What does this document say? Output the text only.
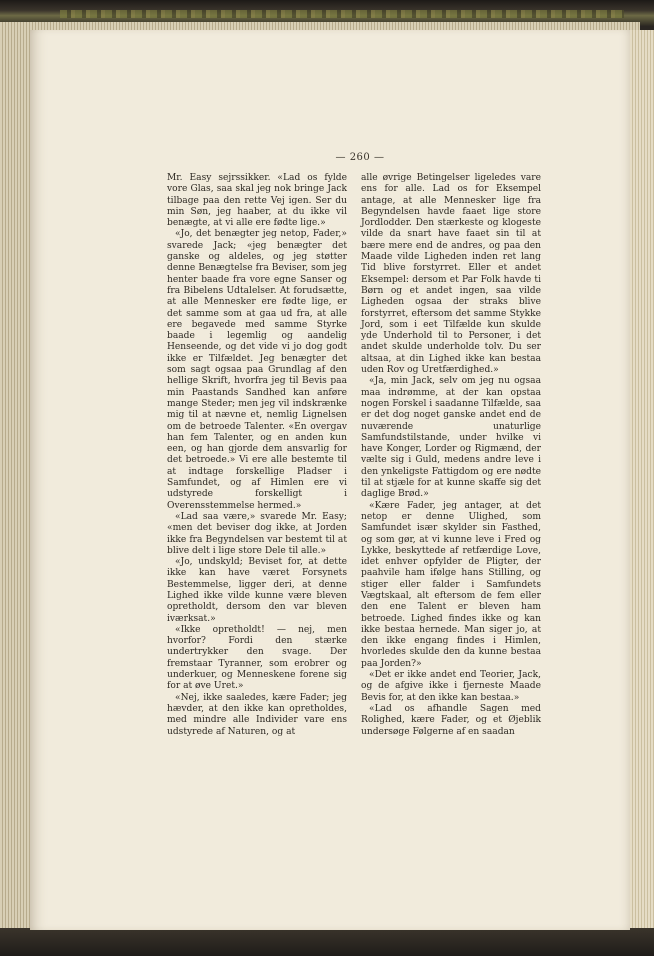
— 260 —

Mr. Easy sejrssikker. «Lad os fylde vore Glas, saa skal jeg nok bringe Jack tilbage paa den rette Vej igen. Ser du min Søn, jeg haaber, at du ikke vil benægte, at vi alle ere fødte lige.»

«Jo, det benægter jeg netop, Fader,» svarede Jack; «jeg benægter det ganske og aldeles, og jeg støtter denne Benægtelse fra Beviser, som jeg henter baade fra vore egne Sanser og fra Bibelens Udtalelser. At forudsætte, at alle Mennesker ere fødte lige, er det samme som at gaa ud fra, at alle ere begavede med samme Styrke baade i legemlig og aandelig Henseende, og det vide vi jo dog godt ikke er Tilfældet. Jeg benægter det som sagt ogsaa paa Grundlag af den hellige Skrift, hvorfra jeg til Bevis paa min Paastands Sandhed kan anføre mange Steder; men jeg vil indskrænke mig til at nævne et, nemlig Lignelsen om de betroede Talenter. «En overgav han fem Talenter, og en anden kun een, og han gjorde dem ansvarlig for det betroede.» Vi ere alle bestemte til at indtage forskellige Pladser i Samfundet, og af Himlen ere vi udstyrede forskelligt i Overensstemmelse hermed.»

«Lad saa være,» svarede Mr. Easy; «men det beviser dog ikke, at Jorden ikke fra Begyndelsen var bestemt til at blive delt i lige store Dele til alle.»

«Jo, undskyld; Beviset for, at dette ikke kan have været Forsynets Bestemmelse, ligger deri, at denne Lighed ikke vilde kunne være bleven opretholdt, dersom den var bleven iværksat.»

«Ikke opretholdt! — nej, men hvorfor? Fordi den stærke undertrykker den svage. Der fremstaar Tyranner, som erobrer og underkuer, og Menneskene forene sig for at øve Uret.»

«Nej, ikke saaledes, kære Fader; jeg hævder, at den ikke kan opretholdes, med mindre alle Individer vare ens udstyrede af Naturen, og at

alle øvrige Betingelser ligeledes vare ens for alle. Lad os for Eksempel antage, at alle Mennesker lige fra Begyndelsen havde faaet lige store Jordlodder. Den stærkeste og klogeste vilde da snart have faaet sin til at bære mere end de andres, og paa den Maade vilde Ligheden inden ret lang Tid blive forstyrret. Eller et andet Eksempel: dersom et Par Folk havde ti Børn og et andet ingen, saa vilde Ligheden ogsaa der straks blive forstyrret, eftersom det samme Stykke Jord, som i eet Tilfælde kun skulde yde Underhold til to Personer, i det andet skulde underholde tolv. Du ser altsaa, at din Lighed ikke kan bestaa uden Rov og Uretfærdighed.»

«Ja, min Jack, selv om jeg nu ogsaa maa indrømme, at der kan opstaa nogen Forskel i saadanne Tilfælde, saa er det dog noget ganske andet end de nuværende unaturlige Samfundstilstande, under hvilke vi have Konger, Lorder og Rigmænd, der vælte sig i Guld, medens andre leve i den ynkeligste Fattigdom og ere nødte til at stjæle for at kunne skaffe sig det daglige Brød.»

«Kære Fader, jeg antager, at det netop er denne Ulighed, som Samfundet især skylder sin Fasthed, og som gør, at vi kunne leve i Fred og Lykke, beskyttede af retfærdige Love, idet enhver opfylder de Pligter, der paahvile ham ifølge hans Stilling, og stiger eller falder i Samfundets Vægtskaal, alt eftersom de fem eller den ene Talent er bleven ham betroede. Lighed findes ikke og kan ikke bestaa hernede. Man siger jo, at den ikke engang findes i Himlen, hvorledes skulde den da kunne bestaa paa Jorden?»

«Det er ikke andet end Teorier, Jack, og de afgive ikke i fjerneste Maade Bevis for, at den ikke kan bestaa.»

«Lad os afhandle Sagen med Rolighed, kære Fader, og et Øjeblik undersøge Følgerne af en saadan
